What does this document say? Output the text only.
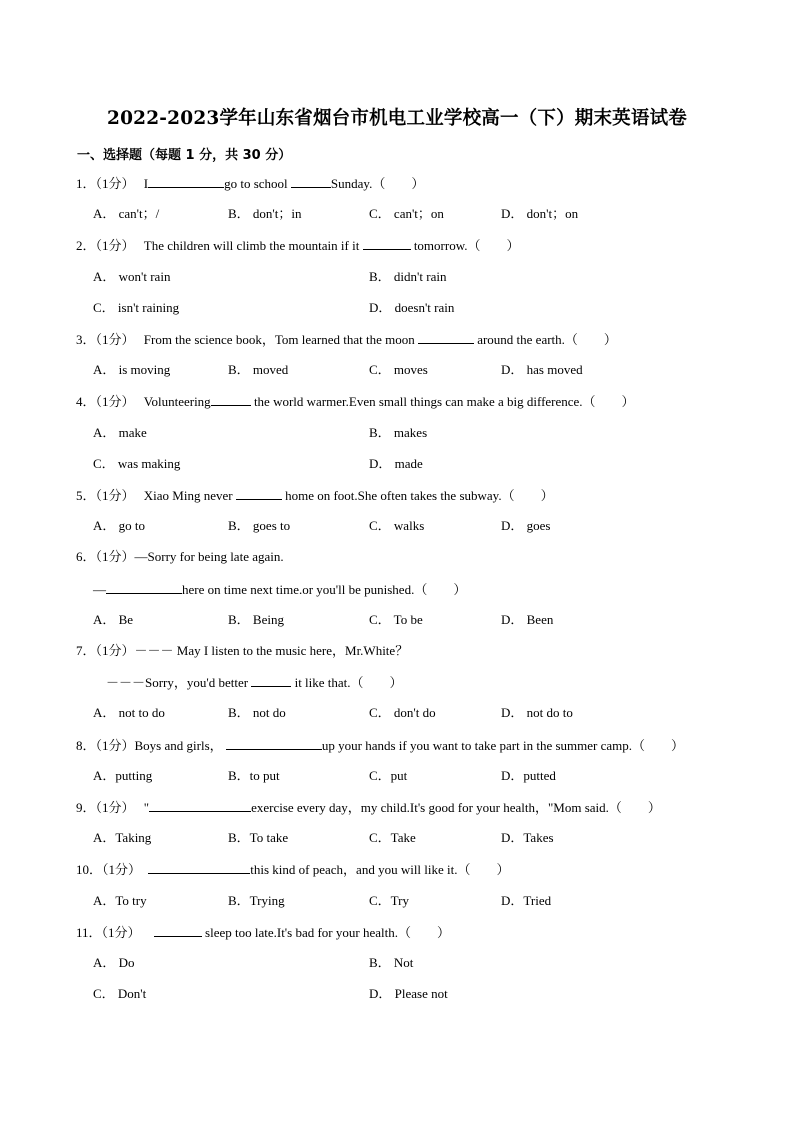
2022-2023学年山东省烟台市机电工业学校高一（下）期末英语试卷
一、选择题（每题 1 分，共 30 分）
1．（1分） I	go to school	Sunday.（　　）
A． can't；/	B． don't；in	C． can't；on	D． don't；on
2．（1分） The children will climb the mountain if it	tomorrow.（　　）
A． won't rain	B． didn't rain
C． isn't raining	D． doesn't rain
3．（1分） From the science book，Tom learned that the moon	around the earth.（　　）
A． is moving	B． moved	C． moves	D． has moved
4．（1分） Volunteering	the world warmer.Even small things can make a big difference.（　　）
A． make	B． makes
C． was making	D． made
5．（1分） Xiao Ming never	home on foot.She often takes the subway.（　　）
A． go to	B． goes to	C． walks	D． goes
6．（1分）—Sorry for being late again.
—	here on time next time.or you'll be punished.（　　）
A． Be	B． Being	C． To be	D． Been
7．（1分）－－－ May I listen to the music here，Mr.White？
－－－Sorry，you'd better	it like that.（　　）
A． not to do	B． not do	C． don't do	D． not do to
8．（1分）Boys and girls，	up your hands if you want to take part in the summer camp.（　　）
A．putting	B．to put	C．put	D．putted
9．（1分） "	exercise every day，my child.It's good for your health，"Mom said.（　　）
A．Taking	B．To take	C．Take	D．Takes
10．（1分）	this kind of peach，and you will like it.（　　）
A．To try	B．Trying	C．Try	D．Tried
11．（1分）	sleep too late.It's bad for your health.（　　）
A． Do	B． Not
C． Don't	D． Please not
